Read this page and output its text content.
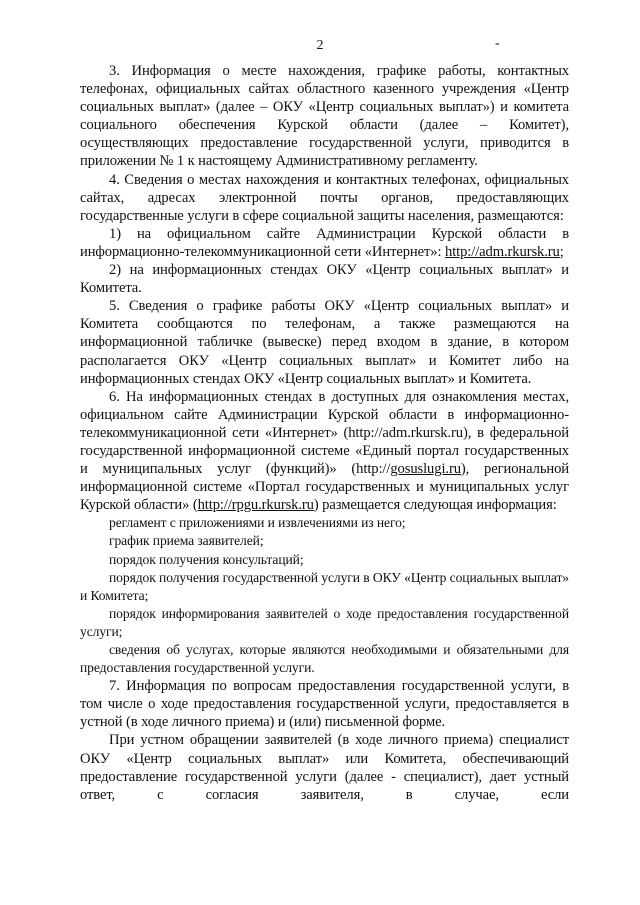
2	-

3. Информация о месте нахождения, графике работы, контактных телефонах, официальных сайтах областного казенного учреждения «Центр социальных выплат» (далее – ОКУ «Центр социальных выплат») и комитета социального обеспечения Курской области (далее – Комитет), осуществляющих предоставление государственной услуги, приводится в приложении № 1 к настоящему Административному регламенту.

4. Сведения о местах нахождения и контактных телефонах, официальных сайтах, адресах электронной почты органов, предоставляющих государственные услуги в сфере социальной защиты населения, размещаются:

1) на официальном сайте Администрации Курской области в информационно-телекоммуникационной сети «Интернет»: http://adm.rkursk.ru;

2) на информационных стендах ОКУ «Центр социальных выплат» и Комитета.

5. Сведения о графике работы ОКУ «Центр социальных выплат» и Комитета сообщаются по телефонам, а также размещаются на информационной табличке (вывеске) перед входом в здание, в котором располагается ОКУ «Центр социальных выплат» и Комитет либо на информационных стендах ОКУ «Центр социальных выплат» и Комитета.

6. На информационных стендах в доступных для ознакомления местах, официальном сайте Администрации Курской области в информационно-телекоммуникационной сети «Интернет» (http://adm.rkursk.ru), в федеральной государственной информационной системе «Единый портал государственных и муниципальных услуг (функций)» (http://gosuslugi.ru), региональной информационной системе «Портал государственных и муниципальных услуг Курской области» (http://rpgu.rkursk.ru) размещается следующая информация:

регламент с приложениями и извлечениями из него;

график приема заявителей;

порядок получения консультаций;

порядок получения государственной услуги в ОКУ «Центр социальных выплат» и Комитета;

порядок информирования заявителей о ходе предоставления государственной услуги;

сведения об услугах, которые являются необходимыми и обязательными для предоставления государственной услуги.

7. Информация по вопросам предоставления государственной услуги, в том числе о ходе предоставления государственной услуги, предоставляется в устной (в ходе личного приема) и (или) письменной форме.

При устном обращении заявителей (в ходе личного приема) специалист ОКУ «Центр социальных выплат» или Комитета, обеспечивающий предоставление государственной услуги (далее - специалист), дает устный ответ, с согласия заявителя, в случае, если
